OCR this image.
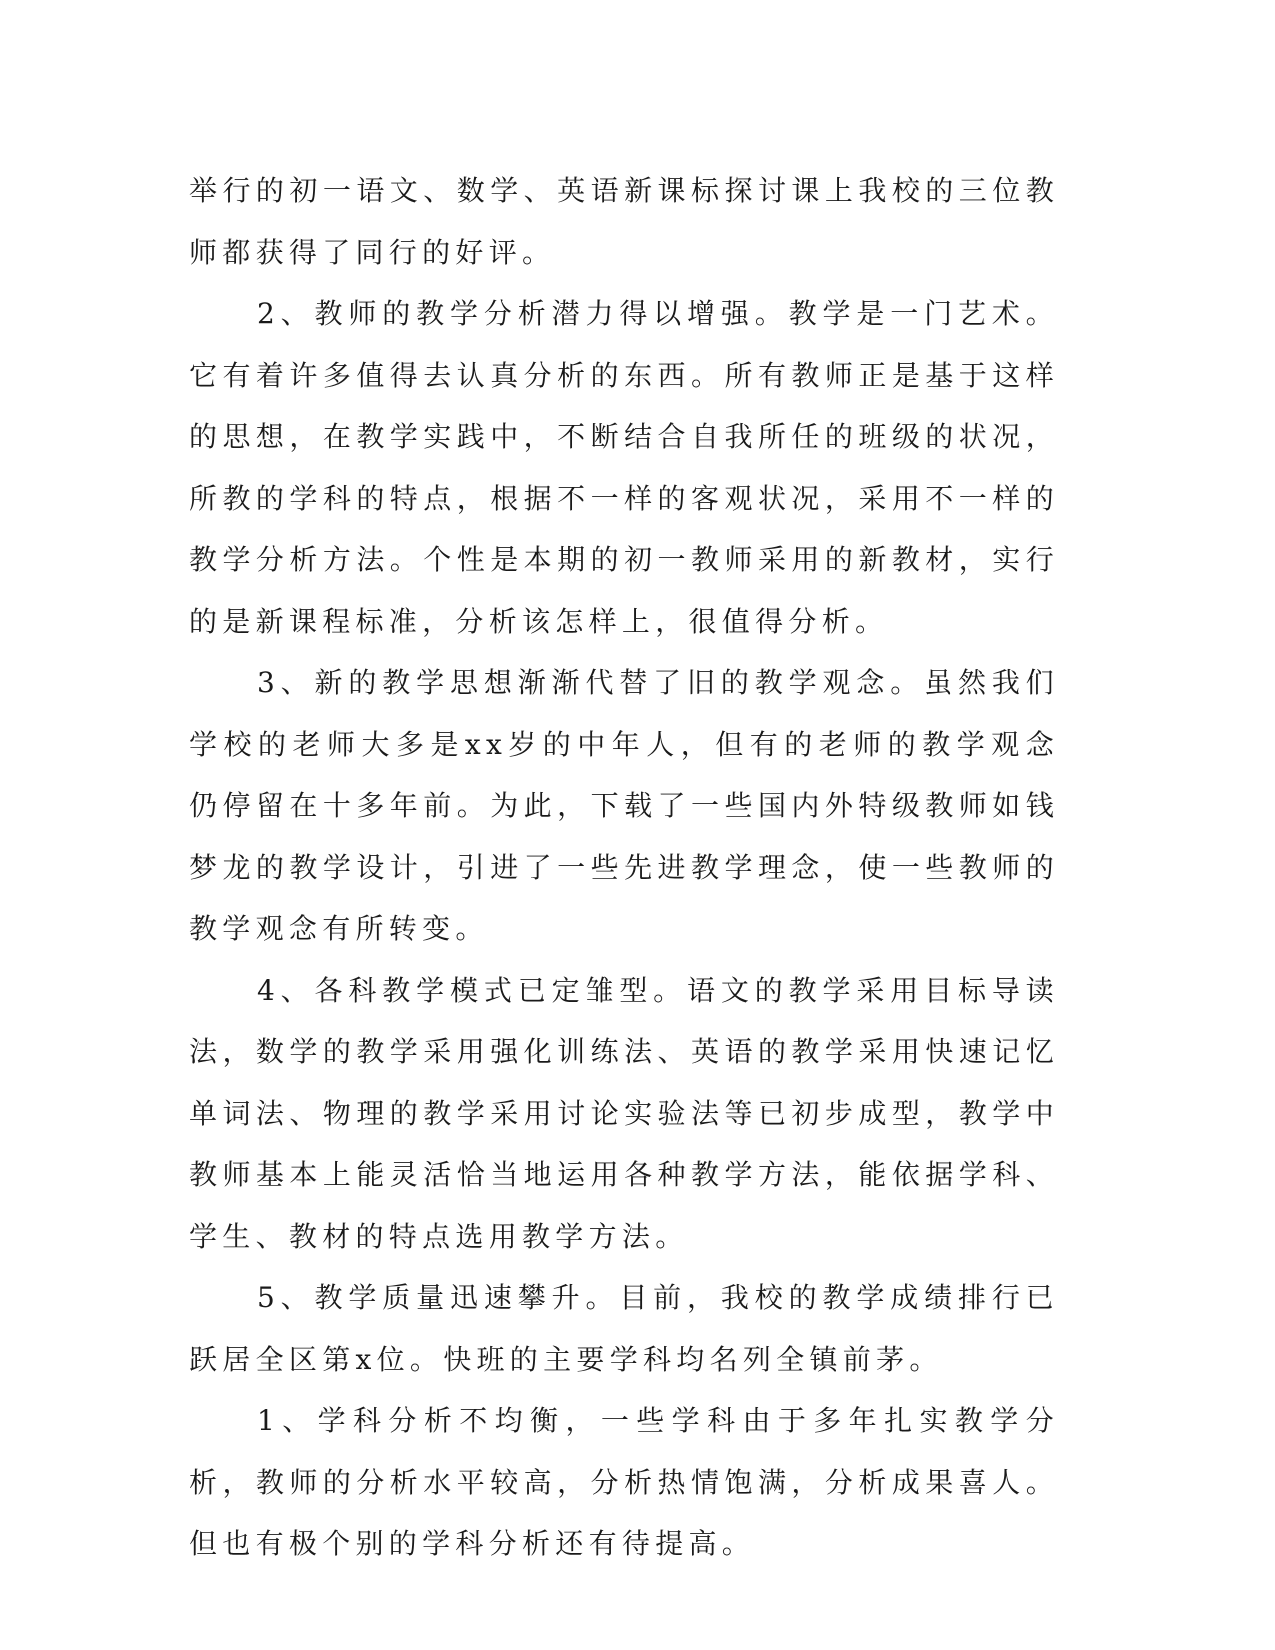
举行的初一语文、数学、英语新课标探讨课上我校的三位教师都获得了同行的好评。

2、教师的教学分析潜力得以增强。教学是一门艺术。它有着许多值得去认真分析的东西。所有教师正是基于这样的思想，在教学实践中，不断结合自我所任的班级的状况，所教的学科的特点，根据不一样的客观状况，采用不一样的教学分析方法。个性是本期的初一教师采用的新教材，实行的是新课程标准，分析该怎样上，很值得分析。

3、新的教学思想渐渐代替了旧的教学观念。虽然我们学校的老师大多是xx岁的中年人，但有的老师的教学观念仍停留在十多年前。为此，下载了一些国内外特级教师如钱梦龙的教学设计，引进了一些先进教学理念，使一些教师的教学观念有所转变。

4、各科教学模式已定雏型。语文的教学采用目标导读法，数学的教学采用强化训练法、英语的教学采用快速记忆单词法、物理的教学采用讨论实验法等已初步成型，教学中教师基本上能灵活恰当地运用各种教学方法，能依据学科、学生、教材的特点选用教学方法。

5、教学质量迅速攀升。目前，我校的教学成绩排行已跃居全区第x位。快班的主要学科均名列全镇前茅。

1、学科分析不均衡，一些学科由于多年扎实教学分析，教师的分析水平较高，分析热情饱满，分析成果喜人。但也有极个别的学科分析还有待提高。
